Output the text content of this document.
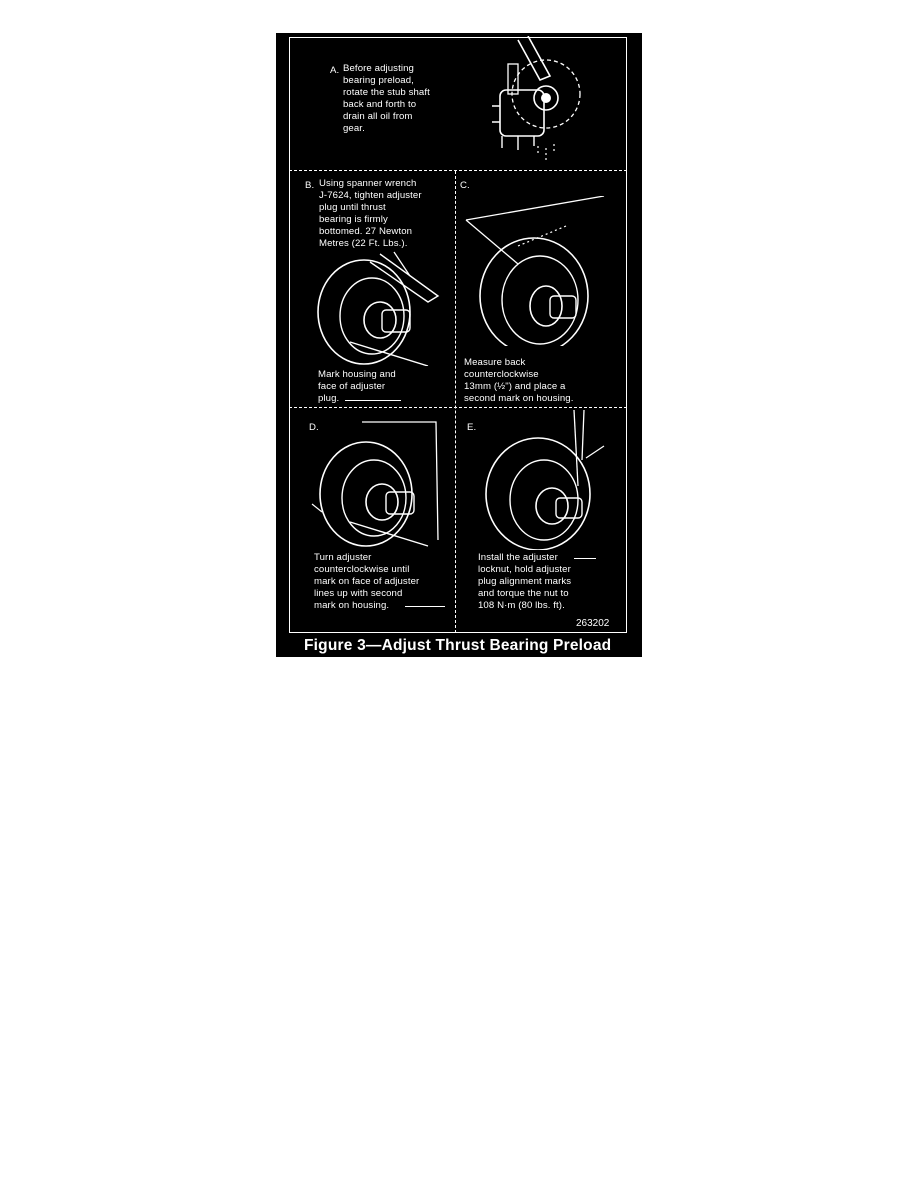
A. Before adjusting
bearing preload,
rotate the stub shaft
back and forth to
drain all oil from
gear.
B. Using spanner wrench
J-7624, tighten adjuster
plug until thrust
bearing is firmly
bottomed. 27 Newton
Metres (22 Ft. Lbs.).
Mark housing and
face of adjuster
plug.
C.
Measure back
counterclockwise
13mm (½") and place a
second mark on housing.
D.
Turn adjuster
counterclockwise until
mark on face of adjuster
lines up with second
mark on housing.
E.
Install the adjuster
locknut, hold adjuster
plug alignment marks
and torque the nut to
108 N·m (80 lbs. ft).
263202
Figure 3—Adjust Thrust Bearing Preload
